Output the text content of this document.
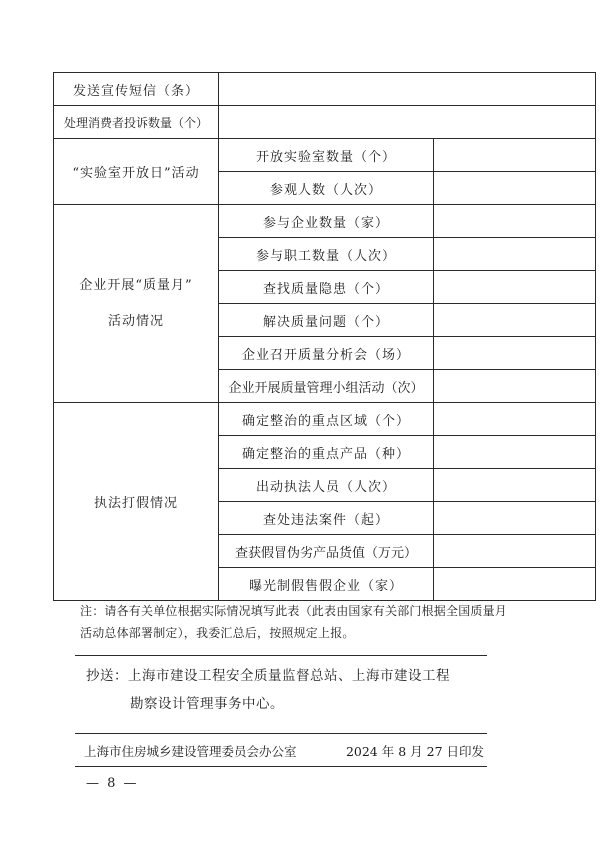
发送宣传短信（条）		
处理消费者投诉数量（个）		
“实验室开放日”活动	开放实验室数量（个）	
	参观人数（人次）	

企业开展“质量月”
活动情况	参与企业数量（家）	
	参与职工数量（人次）	
	查找质量隐患（个）	
	解决质量问题（个）	
	企业召开质量分析会（场）	
	企业开展质量管理小组活动（次）	
执法打假情况	确定整治的重点区域（个）	
	确定整治的重点产品（种）	
	出动执法人员（人次）	
	查处违法案件（起）	
	查获假冒伪劣产品货值（万元）	
	曝光制假售假企业（家）	
注：请各有关单位根据实际情况填写此表（此表由国家有关部门根据全国质量月
活动总体部署制定），我委汇总后，按照规定上报。
抄送：上海市建设工程安全质量监督总站、上海市建设工程
勘察设计管理事务中心。
上海市住房城乡建设管理委员会办公室	2024 年 8 月 27 日印发
— 8 —
